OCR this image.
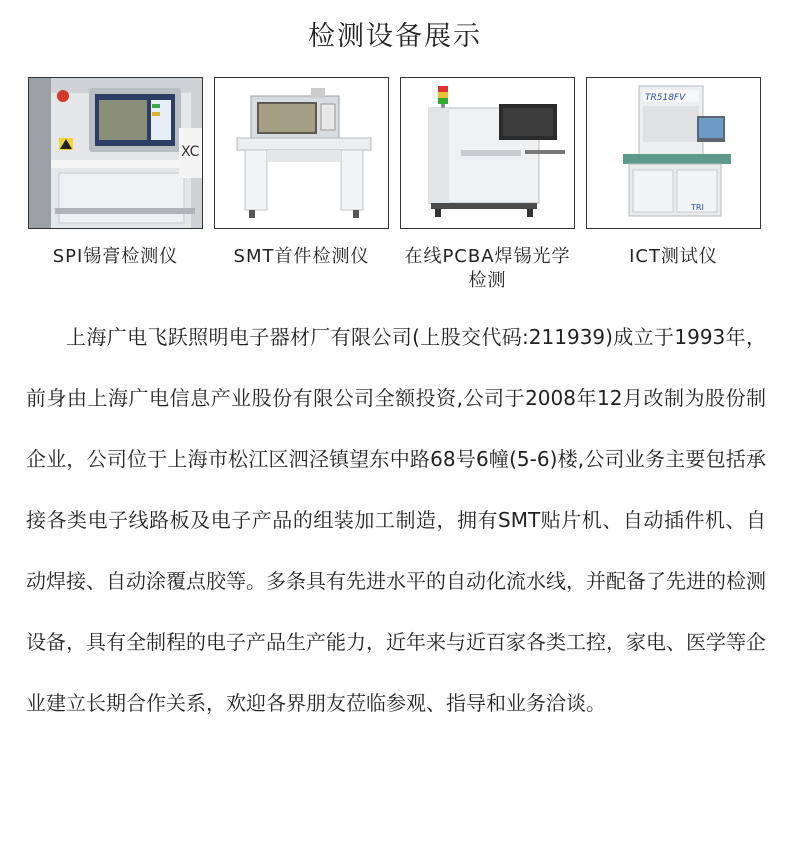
检测设备展示
XC
SPI锡膏检测仪	SMT首件检测仪	在线PCBA焊锡光学检测
TR518FV
TRI
ICT测试仪

上海广电飞跃照明电子器材厂有限公司(上股交代码:211939)成立于1993年，前身由上海广电信息产业股份有限公司全额投资,公司于2008年12月改制为股份制企业，公司位于上海市松江区泗泾镇望东中路68号6幢(5-6)楼,公司业务主要包括承接各类电子线路板及电子产品的组装加工制造，拥有SMT贴片机、自动插件机、自动焊接、自动涂覆点胶等。多条具有先进水平的自动化流水线，并配备了先进的检测设备，具有全制程的电子产品生产能力，近年来与近百家各类工控，家电、医学等企业建立长期合作关系，欢迎各界朋友莅临参观、指导和业务洽谈。
